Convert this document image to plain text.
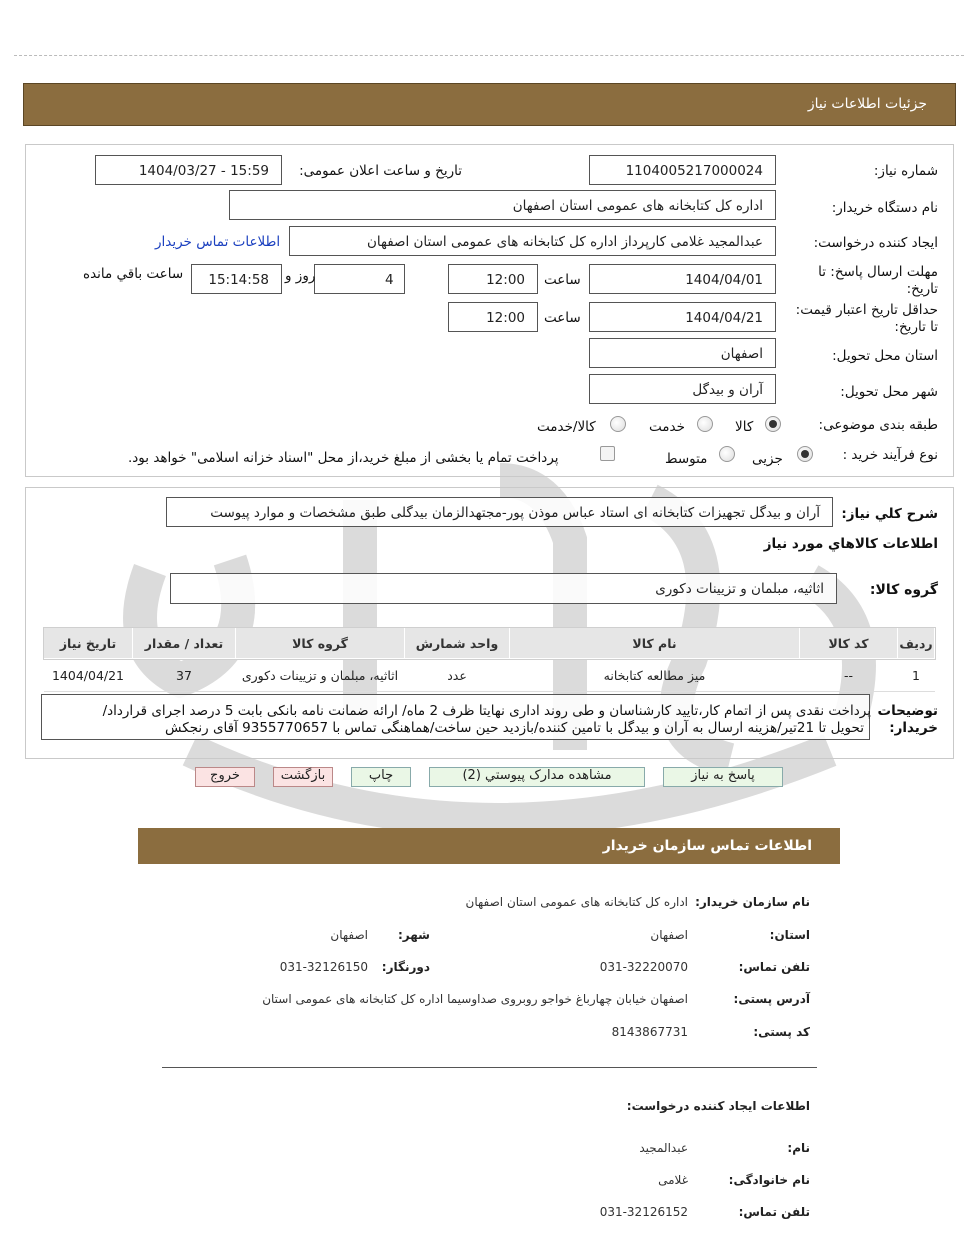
جزئیات اطلاعات نیاز
شماره نیاز:
1104005217000024
تاریخ و ساعت اعلان عمومی:
1404/03/27 - 15:59
نام دستگاه خریدار:
اداره کل کتابخانه های عمومی استان اصفهان
ایجاد کننده درخواست:
عبدالمجید غلامی کارپرداز اداره کل کتابخانه های عمومی استان اصفهان
اطلاعات تماس خریدار
مهلت ارسال پاسخ: تا
تاریخ:
1404/04/01
ساعت
12:00
4
روز و
15:14:58
ساعت باقي مانده
حداقل تاریخ اعتبار قیمت:
تا تاریخ:
1404/04/21
ساعت
12:00
استان محل تحویل:
اصفهان
شهر محل تحویل:
آران و بیدگل
طبقه بندی موضوعی:
کالا
خدمت
کالا/خدمت
نوع فرآیند خرید :
جزیی
متوسط
پرداخت تمام یا بخشی از مبلغ خرید،از محل "اسناد خزانه اسلامی" خواهد بود.
شرح کلي نياز:
آران و بیدگل تجهیزات کتابخانه ای استاد عباس موذن پور-مجتهدالزمان بیدگلی طبق مشخصات و موارد پیوست
اطلاعات کالاهاي مورد نياز
گروه کالا:
اثاثیه، مبلمان و تزیینات دکوری
رديف	کد کالا	نام کالا	واحد شمارش	گروه کالا	تعداد / مقدار	تاریخ نیاز
1	--	میز مطالعه کتابخانه	عدد	اثاثیه، مبلمان و تزیینات دکوری	37	1404/04/21
توضیحات
خریدار:
پرداخت نقدی پس از اتمام کار،تایید کارشناسان و طی روند اداری نهایتا ظرف 2 ماه/ ارائه ضمانت نامه بانکی بابت 5 درصد اجرای قرارداد/
تحویل تا 21تیر/هزینه ارسال به آران و بیدگل با تامین کننده/بازدید حین ساخت/هماهنگی تماس با 9355770657 آقای رنجکش
پاسخ به نیاز
مشاهده مدارک پیوستي (2)
چاپ
بازگشت
خروج
اطلاعات تماس سازمان خریدار
نام سازمان خریدار:
اداره کل کتابخانه های عمومی استان اصفهان
استان:
اصفهان
شهر:
اصفهان
تلفن تماس:
031-32220070
دورنگار:
031-32126150
آدرس پستی:
اصفهان خیابان چهارباغ خواجو روبروی صداوسیما اداره کل کتابخانه های عمومی استان
کد پستی:
8143867731
اطلاعات ایجاد کننده درخواست:
نام:
عبدالمجید
نام خانوادگی:
غلامی
تلفن تماس:
031-32126152
